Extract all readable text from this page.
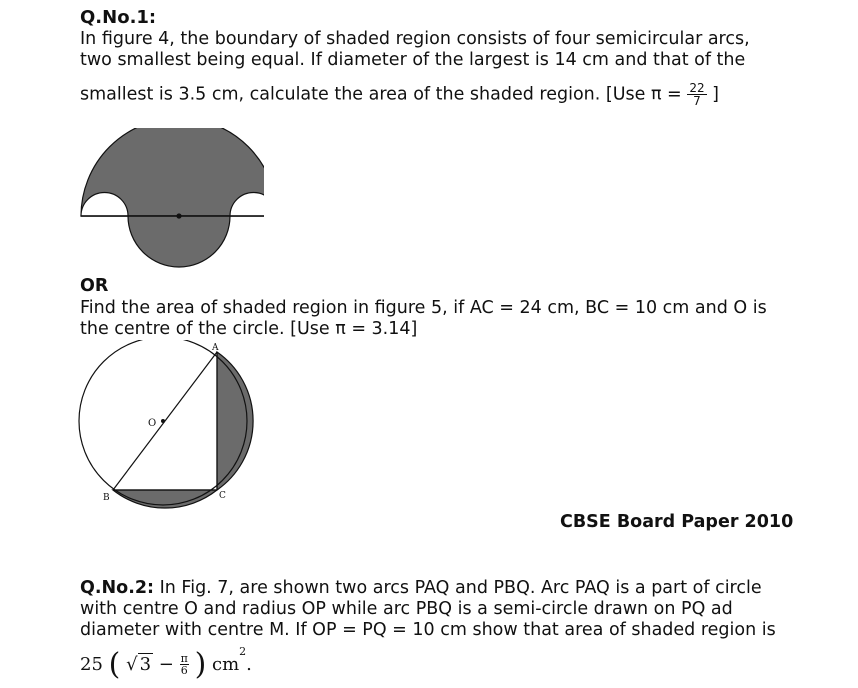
Q.No.1:
In figure 4, the boundary of shaded region consists of four semicircular arcs,
two smallest being equal. If diameter of the largest is 14 cm and that of the
smallest is 3.5 cm, calculate the area of the shaded region. [Use $\pi = \frac{22}{7}$ ]
OR
Find the area of shaded region in figure 5, if AC = 24 cm, BC = 10 cm and O is
the centre of the circle. [Use π = 3.14]
A
B	C
O
CBSE Board Paper 2010
Q.No.2: In Fig. 7, are shown two arcs PAQ and PBQ. Arc PAQ is a part of circle
with centre O and radius OP while arc PBQ is a semi-circle drawn on PQ ad
diameter with centre M. If OP = PQ = 10 cm show that area of shaded region is
25 ( √ $3 - \frac{\pi}{6}$ ) $cm^2$.
